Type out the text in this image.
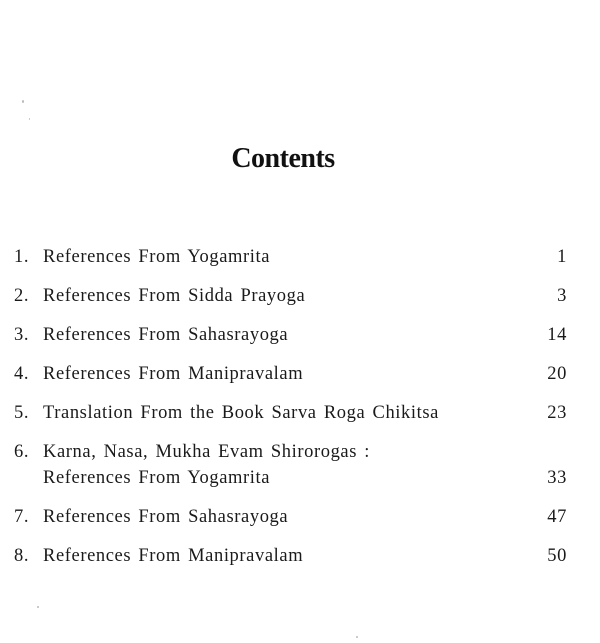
Contents
1. References From Yogamrita	1
2. References From Sidda Prayoga	3
3. References From Sahasrayoga	14
4. References From Manipravalam	20
5. Translation From the Book Sarva Roga Chikitsa	23
6. Karna, Nasa, Mukha Evam Shirorogas :
References From Yogamrita	33
7. References From Sahasrayoga	47
8. References From Manipravalam	50
